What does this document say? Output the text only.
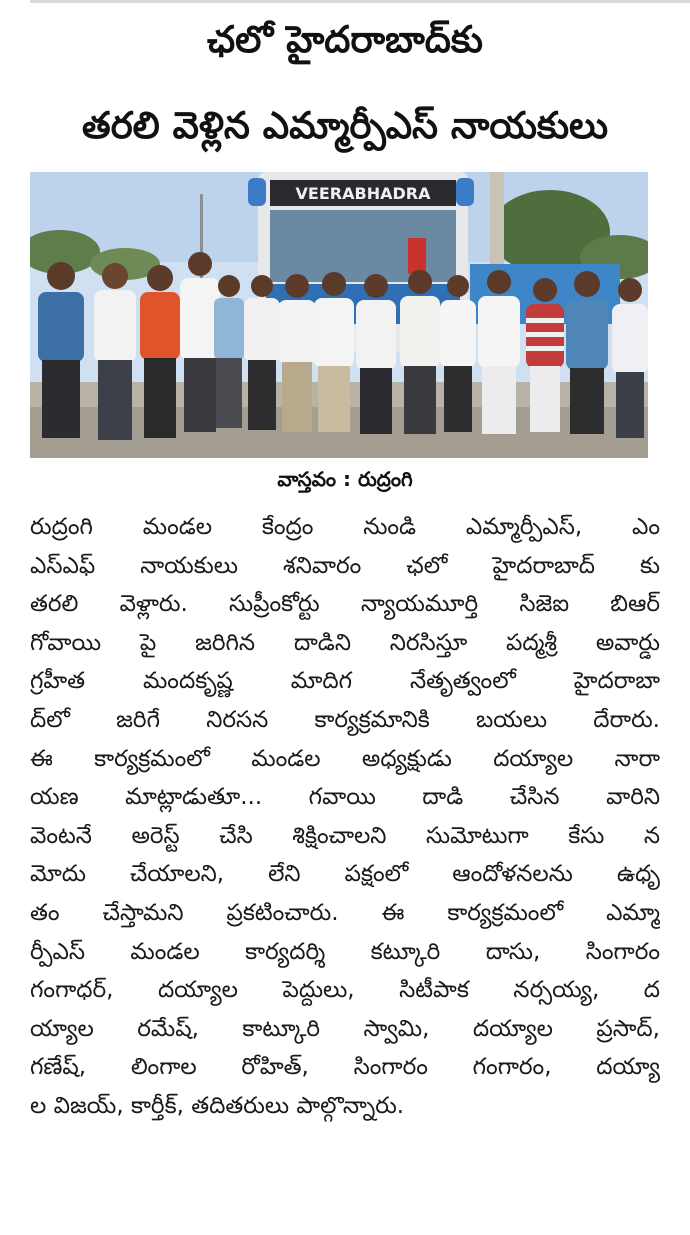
ఛలో హైదరాబాద్‌కు
తరలి వెళ్లిన ఎమ్మార్పీఎస్ నాయకులు
VEERABHADRA
వాస్తవం : రుద్రంగి
రుద్రంగి మండల కేంద్రం నుండి ఎమ్మార్పీఎస్, ఎం
ఎస్ఎఫ్ నాయకులు శనివారం ఛలో హైదరాబాద్ కు
తరలి వెళ్లారు. సుప్రీంకోర్టు న్యాయమూర్తి సిజెఐ బిఆర్
గోవాయి పై జరిగిన దాడిని నిరసిస్తూ పద్మశ్రీ అవార్డు
గ్రహీత మందకృష్ణ మాదిగ నేతృత్వంలో హైదరాబా
ద్‌లో జరిగే నిరసన కార్యక్రమానికి బయలు దేరారు.
ఈ కార్యక్రమంలో మండల అధ్యక్షుడు దయ్యాల నారా
యణ మాట్లాడుతూ... గవాయి దాడి చేసిన వారిని
వెంటనే అరెస్ట్ చేసి శిక్షించాలని సుమోటుగా కేసు న
మోదు చేయాలని, లేని పక్షంలో ఆందోళనలను ఉధృ
తం చేస్తామని ప్రకటించారు. ఈ కార్యక్రమంలో ఎమ్మా
ర్పీఎస్ మండల కార్యదర్శి కట్కూరి దాసు, సింగారం
గంగాధర్, దయ్యాల పెద్దులు, సిటీపాక నర్సయ్య, ద
య్యాల రమేష్, కాట్కూరి స్వామి, దయ్యాల ప్రసాద్,
గణేష్, లింగాల రోహిత్, సింగారం గంగారం, దయ్యా
ల విజయ్, కార్తీక్, తదితరులు పాల్గొన్నారు.
